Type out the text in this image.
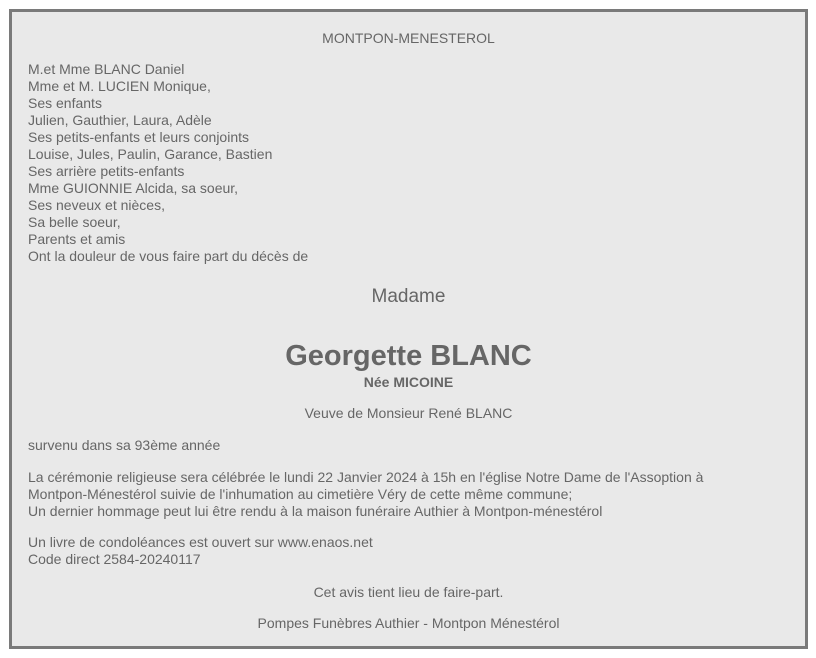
MONTPON-MENESTEROL
M.et Mme BLANC Daniel
Mme et M. LUCIEN Monique,
Ses enfants
Julien, Gauthier, Laura, Adèle
Ses petits-enfants et leurs conjoints
Louise, Jules, Paulin, Garance, Bastien
Ses arrière petits-enfants
Mme GUIONNIE Alcida, sa soeur,
Ses neveux et nièces,
Sa belle soeur,
Parents et amis
Ont la douleur de vous faire part du décès de
Madame
Georgette BLANC
Née MICOINE
Veuve de Monsieur René BLANC
survenu dans sa 93ème année
La cérémonie religieuse sera célébrée le lundi 22 Janvier 2024 à 15h en l'église Notre Dame de l'Assoption à
Montpon-Ménestérol suivie de l'inhumation au cimetière Véry de cette même commune;
Un dernier hommage peut lui être rendu à la maison funéraire Authier à Montpon-ménestérol
Un livre de condoléances est ouvert sur www.enaos.net
Code direct 2584-20240117
Cet avis tient lieu de faire-part.
Pompes Funèbres Authier - Montpon Ménestérol
